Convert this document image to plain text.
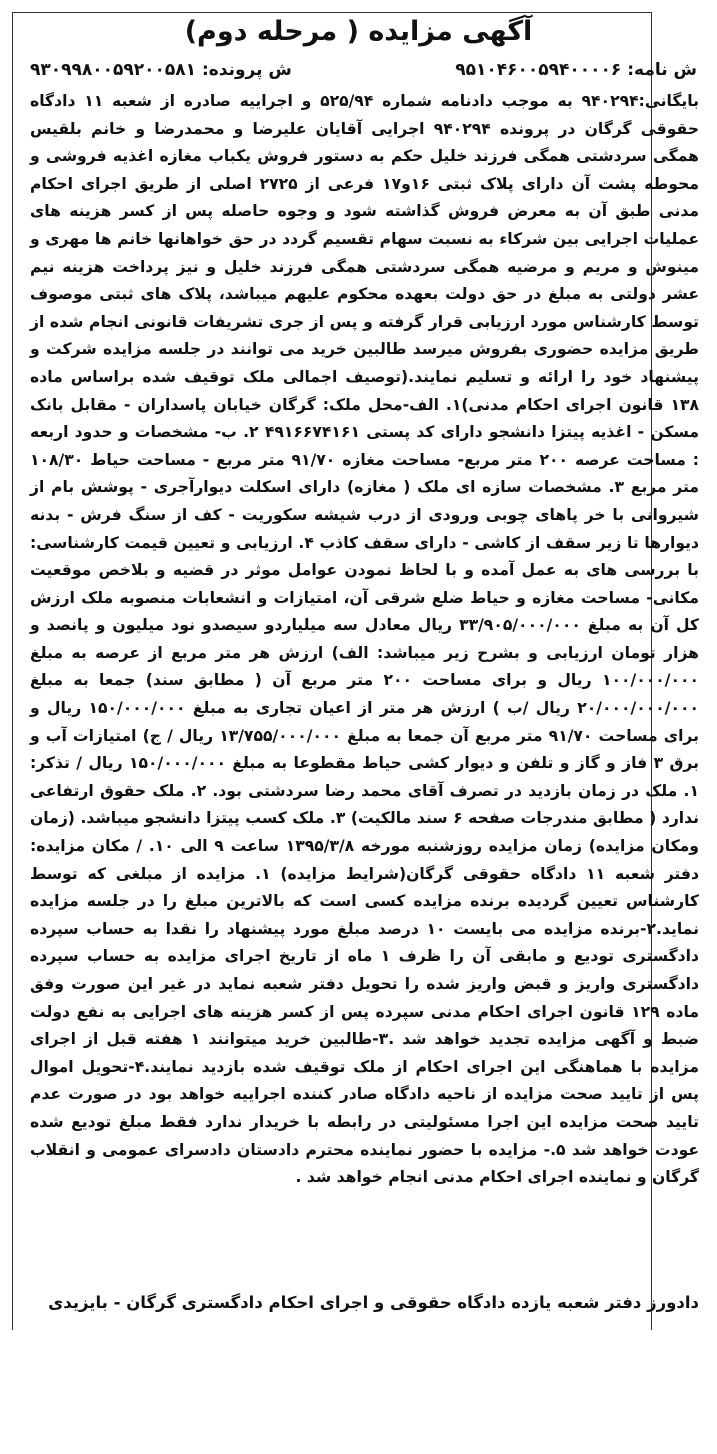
آگهی مزایده ( مرحله دوم)
ش نامه: ۹۵۱۰۴۶۰۰۵۹۴۰۰۰۰۶
ش پرونده: ۹۳۰۹۹۸۰۰۵۹۲۰۰۵۸۱

بایگانی:۹۴۰۲۹۴ به موجب دادنامه شماره ۵۲۵/۹۴ و اجراییه صادره از شعبه ۱۱ دادگاه حقوقی گرگان در پرونده ۹۴۰۲۹۴ اجرایی آقایان علیرضا و محمدرضا و خانم بلقیس همگی سردشتی همگی فرزند خلیل حکم به دستور فروش یکباب مغازه اغذیه فروشی و محوطه پشت آن دارای پلاک ثبتی ۱۶و۱۷ فرعی از ۲۷۲۵ اصلی از طریق اجرای احکام مدنی طبق آن به معرض فروش گذاشته شود و وجوه حاصله پس از کسر هزینه های عملیات اجرایی بین شرکاء به نسبت سهام تقسیم گردد در حق خواهانها خانم ها مهری و مینوش و مریم و مرضیه همگی سردشتی همگی فرزند خلیل و نیز پرداخت هزینه نیم عشر دولتی به مبلغ در حق دولت بعهده محکوم علیهم میباشد، پلاک های ثبتی موصوف توسط کارشناس مورد ارزیابی قرار گرفته و پس از جری تشریفات قانونی انجام شده از طریق مزایده حضوری بفروش میرسد طالبین خرید می توانند در جلسه مزایده شرکت و پیشنهاد خود را ارائه و تسلیم نمایند.(توصیف اجمالی ملک توقیف شده براساس ماده ۱۳۸ قانون اجرای احکام مدنی)۱. الف-محل ملک: گرگان خیابان پاسداران - مقابل بانک مسکن - اغذیه پیتزا دانشجو دارای کد پستی ۴۹۱۶۶۷۴۱۶۱ ۲. ب- مشخصات و حدود اربعه : مساحت عرصه ۲۰۰ متر مربع- مساحت مغازه ۹۱/۷۰ متر مربع - مساحت حیاط ۱۰۸/۳۰ متر مربع ۳. مشخصات سازه ای ملک ( مغازه) دارای اسکلت دیوارآجری - پوشش بام از شیروانی با خر پاهای چوبی ورودی از درب شیشه سکوریت - کف از سنگ فرش - بدنه دیوارها تا زیر سقف از کاشی - دارای سقف کاذب ۴. ارزیابی و تعیین قیمت کارشناسی: با بررسی های به عمل آمده و با لحاظ نمودن عوامل موثر در قضیه و بلاخص موقعیت مکانی- مساحت مغازه و حیاط ضلع شرقی آن، امتیازات و انشعابات منصوبه ملک ارزش کل آن به مبلغ ۳۳/۹۰۵/۰۰۰/۰۰۰ ریال معادل سه میلیاردو سیصدو نود میلیون و پانصد و هزار تومان ارزیابی و بشرح زیر میباشد: الف) ارزش هر متر مربع از عرصه به مبلغ ۱۰۰/۰۰۰/۰۰۰ ریال و برای مساحت ۲۰۰ متر مربع آن ( مطابق سند) جمعا به مبلغ ۲۰/۰۰۰/۰۰۰/۰۰۰ ریال /ب ) ارزش هر متر از اعیان تجاری به مبلغ ۱۵۰/۰۰۰/۰۰۰ ریال و برای مساحت ۹۱/۷۰ متر مربع آن جمعا به مبلغ ۱۳/۷۵۵/۰۰۰/۰۰۰ ریال / ج) امتیازات آب و برق ۳ فاز و گاز و تلفن و دیوار کشی حیاط مقطوعا به مبلغ ۱۵۰/۰۰۰/۰۰۰ ریال / تذکر: ۱. ملک در زمان بازدید در تصرف آقای محمد رضا سردشتی بود. ۲. ملک حقوق ارتفاعی ندارد ( مطابق مندرجات صفحه ۶ سند مالکیت) ۳. ملک کسب پیتزا دانشجو میباشد. (زمان ومکان مزایده) زمان مزایده روزشنبه مورخه ۱۳۹۵/۳/۸ ساعت ۹ الی ۱۰. / مکان مزایده: دفتر شعبه ۱۱ دادگاه حقوقی گرگان(شرایط مزایده) ۱. مزایده از مبلغی که توسط کارشناس تعیین گردیده برنده مزایده کسی است که بالاترین مبلغ را در جلسه مزایده نماید.۲-برنده مزایده می بایست ۱۰ درصد مبلغ مورد پیشنهاد را نقدا به حساب سپرده دادگستری تودیع و مابقی آن را ظرف ۱ ماه از تاریخ اجرای مزایده به حساب سپرده دادگستری واریز و قبض واریز شده را تحویل دفتر شعبه نماید در غیر این صورت وفق ماده ۱۲۹ قانون اجرای احکام مدنی سپرده پس از کسر هزینه های اجرایی به نفع دولت ضبط و آگهی مزایده تجدید خواهد شد .۳-طالبین خرید میتوانند ۱ هفته قبل از اجرای مزایده با هماهنگی این اجرای احکام از ملک توقیف شده بازدید نمایند.۴-تحویل اموال پس از تایید صحت مزایده از ناحیه دادگاه صادر کننده اجراییه خواهد بود در صورت عدم تایید صحت مزایده این اجرا مسئولیتی در رابطه با خریدار ندارد فقط مبلغ تودیع شده عودت خواهد شد ۵.- مزایده با حضور نماینده محترم دادستان دادسرای عمومی و انقلاب گرگان و نماینده اجرای احکام مدنی انجام خواهد شد .

دادورز دفتر شعبه یازده دادگاه حقوقی و اجرای احکام دادگستری گرگان - بایزیدی
